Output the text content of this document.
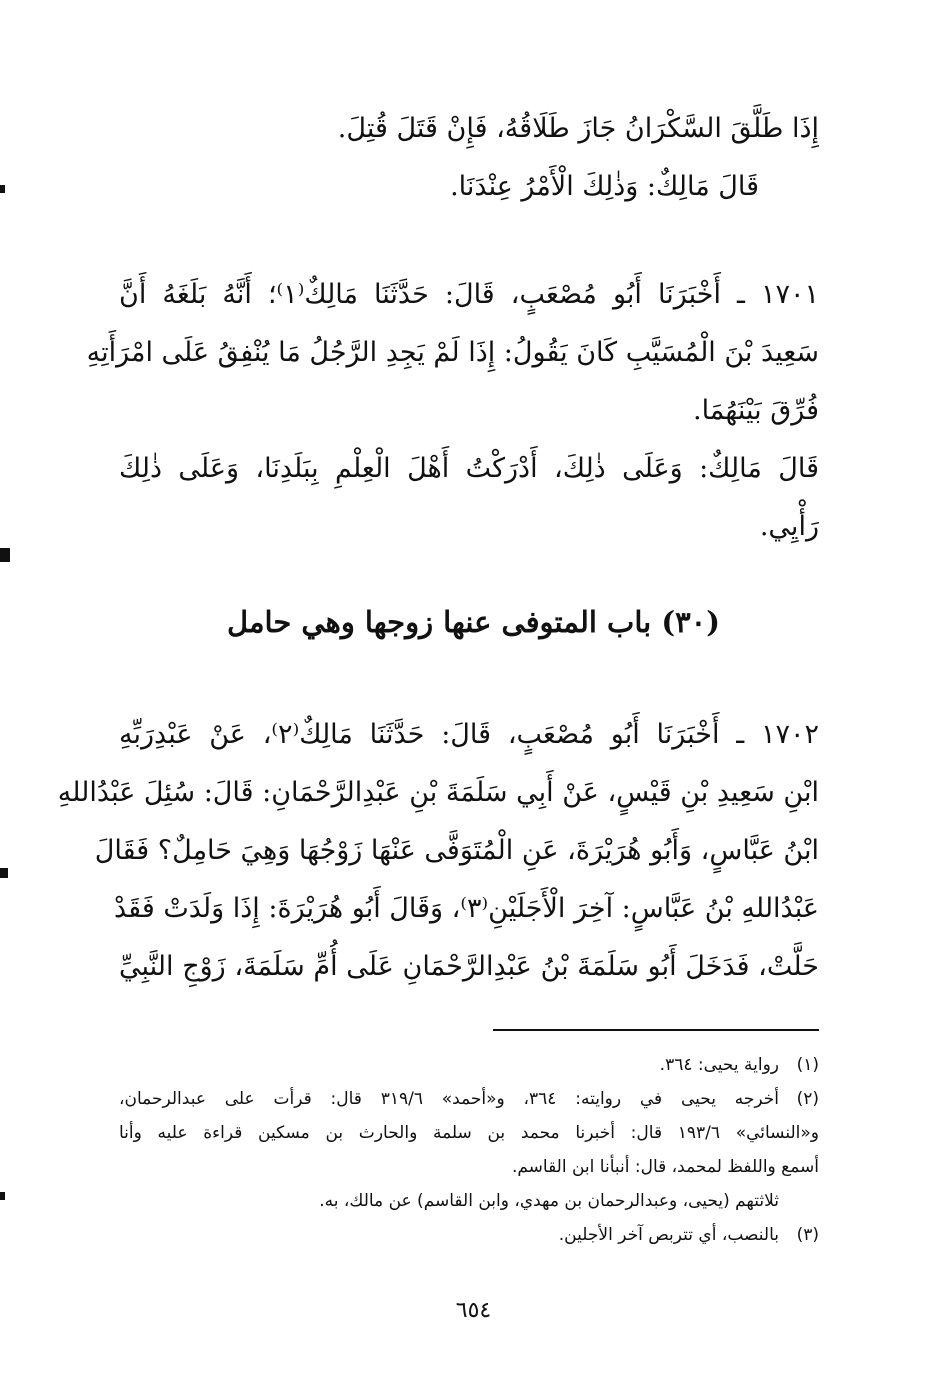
إِذَا طَلَّقَ السَّكْرَانُ جَازَ طَلَاقُهُ، فَإِنْ قَتَلَ قُتِلَ.
قَالَ مَالِكٌ: وَذٰلِكَ الْأَمْرُ عِنْدَنَا.
١٧٠١ ـ أَخْبَرَنَا أَبُو مُصْعَبٍ، قَالَ: حَدَّثَنَا مَالِكٌ⁽١⁾؛ أَنَّهُ بَلَغَهُ أَنَّ
سَعِيدَ بْنَ الْمُسَيَّبِ كَانَ يَقُولُ: إِذَا لَمْ يَجِدِ الرَّجُلُ مَا يُنْفِقُ عَلَى امْرَأَتِهِ
فُرِّقَ بَيْنَهُمَا.
قَالَ مَالِكٌ: وَعَلَى ذٰلِكَ، أَدْرَكْتُ أَهْلَ الْعِلْمِ بِبَلَدِنَا، وَعَلَى ذٰلِكَ
رَأْيِي.
(٣٠) باب المتوفى عنها زوجها وهي حامل
١٧٠٢ ـ أَخْبَرَنَا أَبُو مُصْعَبٍ، قَالَ: حَدَّثَنَا مَالِكٌ⁽٢⁾، عَنْ عَبْدِرَبِّهِ
ابْنِ سَعِيدِ بْنِ قَيْسٍ، عَنْ أَبِي سَلَمَةَ بْنِ عَبْدِالرَّحْمَانِ: قَالَ: سُئِلَ عَبْدُاللهِ
ابْنُ عَبَّاسٍ، وَأَبُو هُرَيْرَةَ، عَنِ الْمُتَوَفَّى عَنْهَا زَوْجُهَا وَهِيَ حَامِلٌ؟ فَقَالَ
عَبْدُاللهِ بْنُ عَبَّاسٍ: آخِرَ الْأَجَلَيْنِ⁽٣⁾، وَقَالَ أَبُو هُرَيْرَةَ: إِذَا وَلَدَتْ فَقَدْ
حَلَّتْ، فَدَخَلَ أَبُو سَلَمَةَ بْنُ عَبْدِالرَّحْمَانِ عَلَى أُمِّ سَلَمَةَ، زَوْجِ النَّبِيِّ
(١)
رواية يحيى: ٣٦٤.
(٢)
أخرجه يحيى في روايته: ٣٦٤، و«أحمد» ٣١٩/٦ قال: قرأت على عبدالرحمان،
و«النسائي» ١٩٣/٦ قال: أخبرنا محمد بن سلمة والحارث بن مسكين قراءة عليه وأنا
أسمع واللفظ لمحمد، قال: أنبأنا ابن القاسم.
ثلاثتهم (يحيى، وعبدالرحمان بن مهدي، وابن القاسم) عن مالك، به.
(٣)
بالنصب، أي تتربص آخر الأجلين.
٦٥٤
